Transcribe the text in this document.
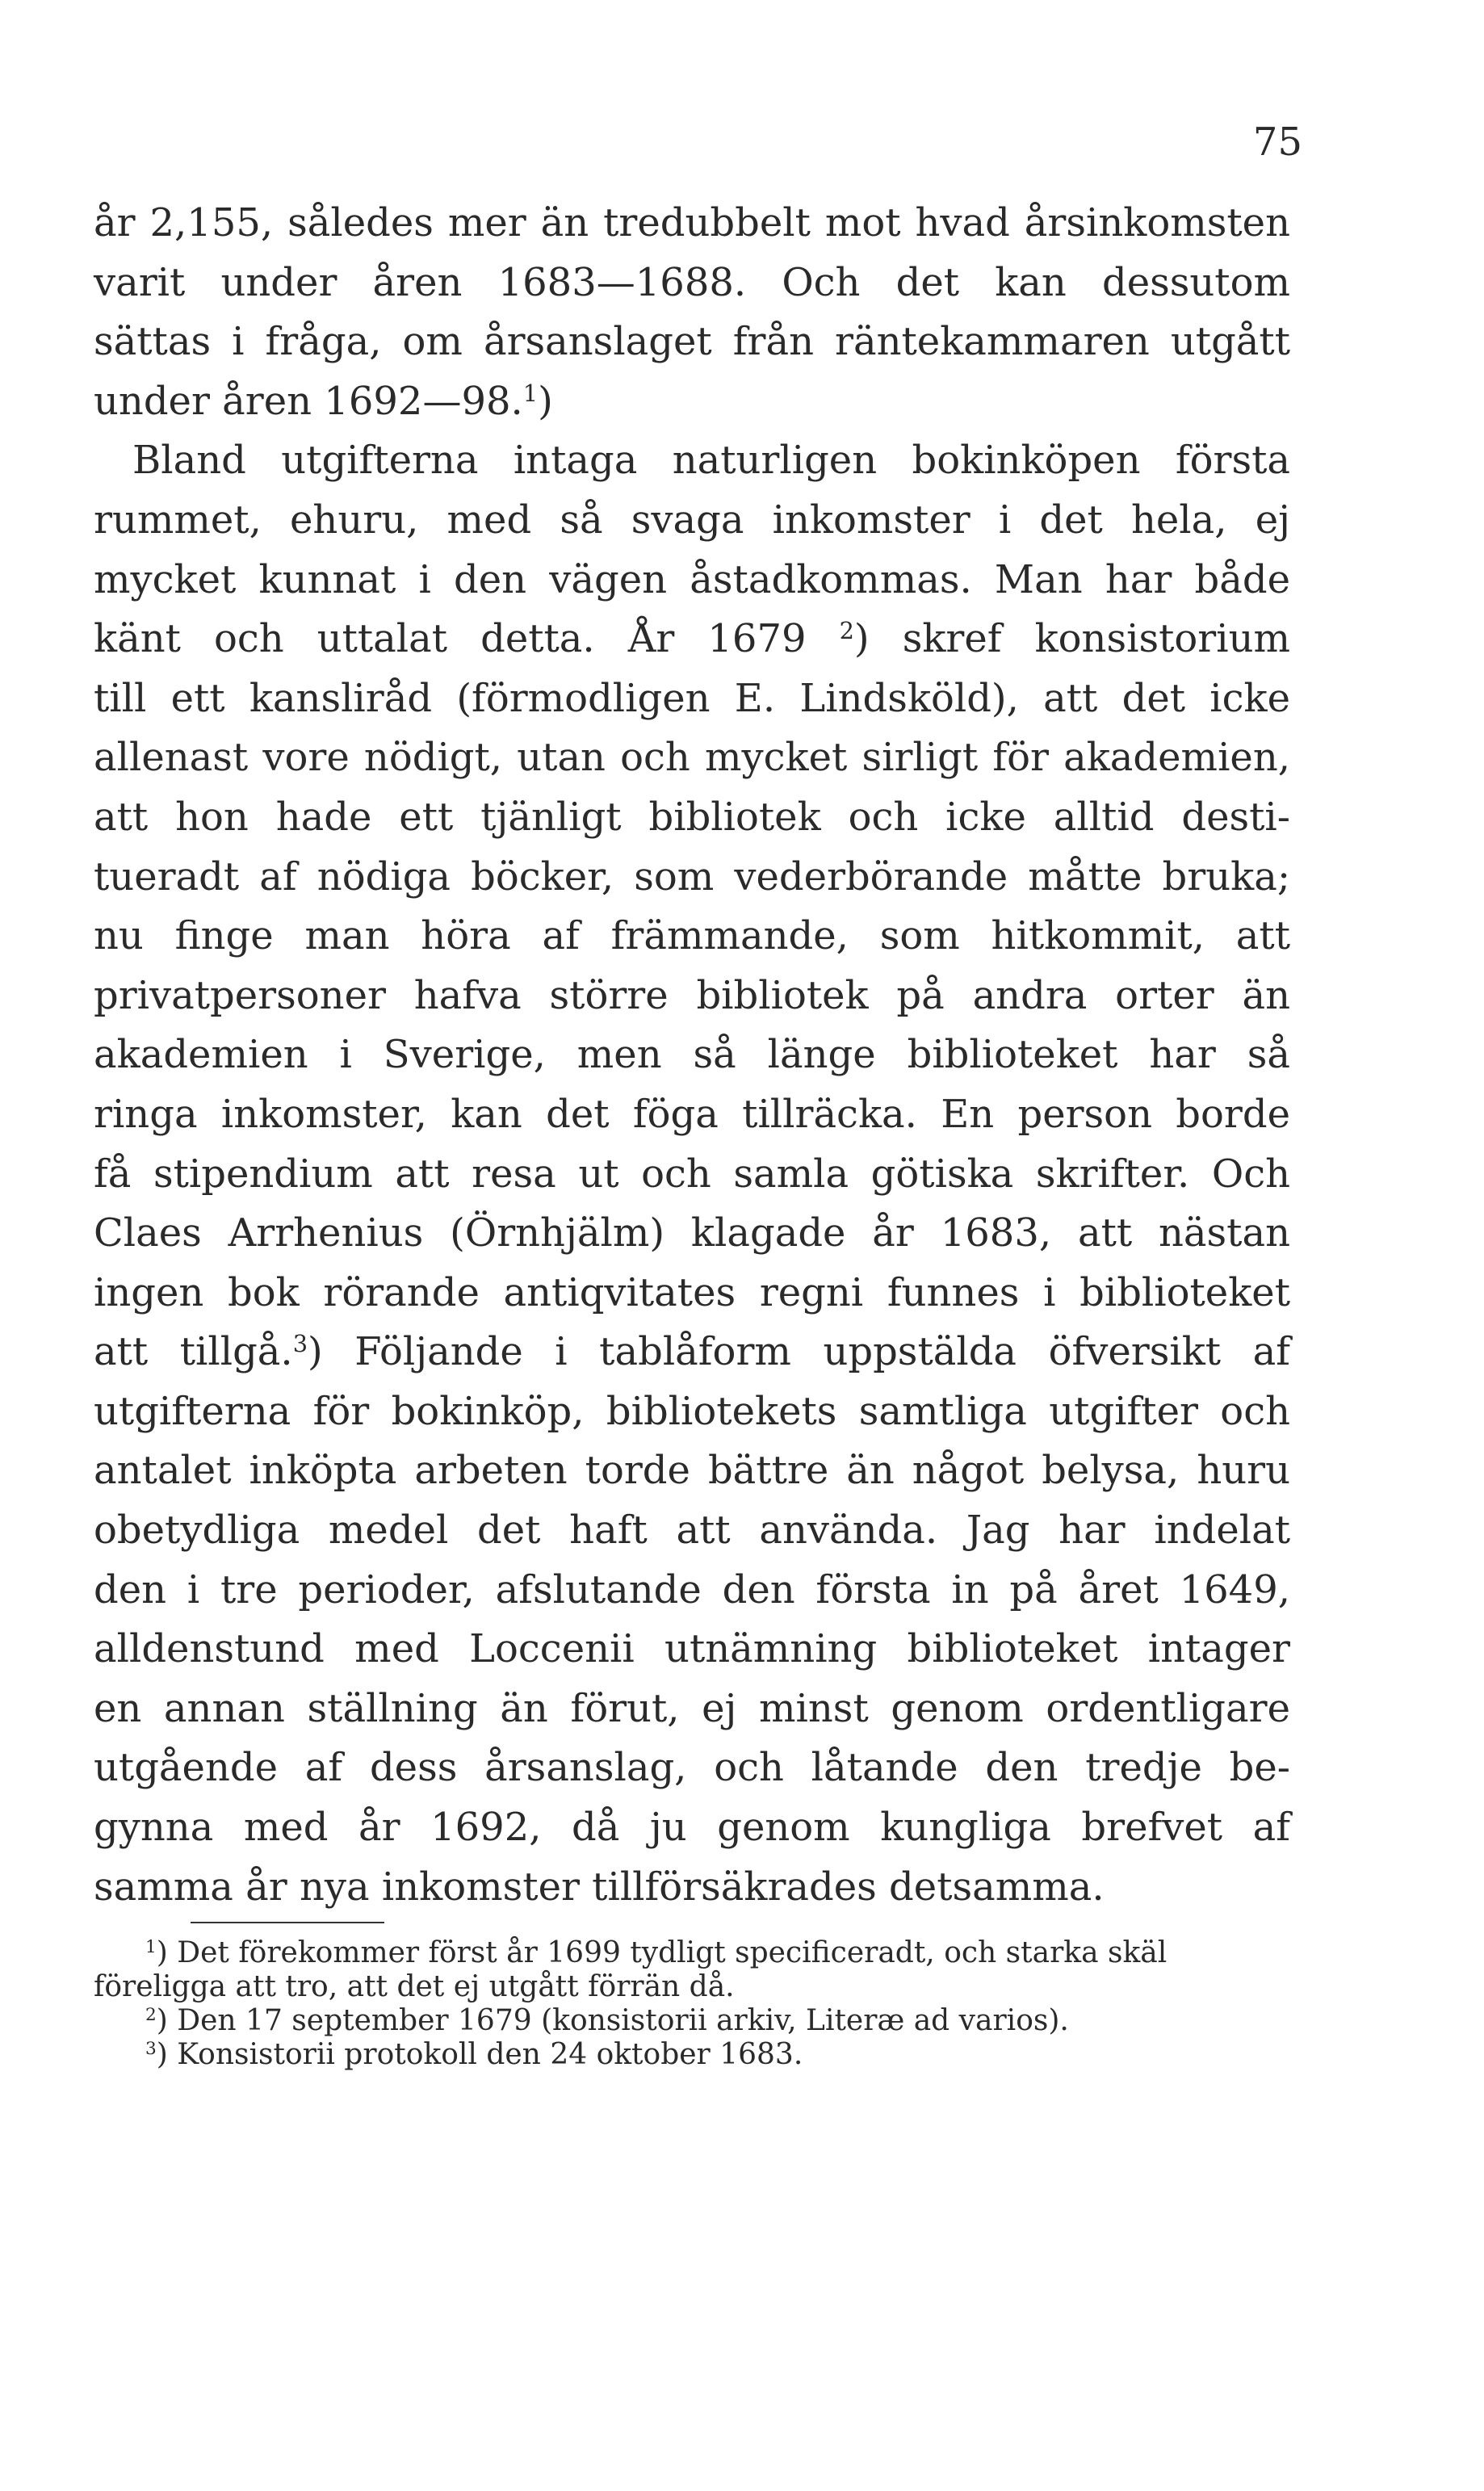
75
år 2,155, således mer än tredubbelt mot hvad årsinkomsten
varit under åren 1683—1688. Och det kan dessutom
sättas i fråga, om årsanslaget från räntekammaren utgått
under åren 1692—98.$^1$)
Bland utgifterna intaga naturligen bokinköpen första
rummet, ehuru, med så svaga inkomster i det hela, ej
mycket kunnat i den vägen åstadkommas. Man har både
känt och uttalat detta. År 1679 $^2$) skref konsistorium
till ett kansliråd (förmodligen E. Lindsköld), att det icke
allenast vore nödigt, utan och mycket sirligt för akademien,
att hon hade ett tjänligt bibliotek och icke alltid desti-
tueradt af nödiga böcker, som vederbörande måtte bruka;
nu finge man höra af främmande, som hitkommit, att
privatpersoner hafva större bibliotek på andra orter än
akademien i Sverige, men så länge biblioteket har så
ringa inkomster, kan det föga tillräcka. En person borde
få stipendium att resa ut och samla götiska skrifter. Och
Claes Arrhenius (Örnhjälm) klagade år 1683, att nästan
ingen bok rörande antiqvitates regni funnes i biblioteket
att tillgå.$^3$) Följande i tablåform uppstälda öfversikt af
utgifterna för bokinköp, bibliotekets samtliga utgifter och
antalet inköpta arbeten torde bättre än något belysa, huru
obetydliga medel det haft att använda. Jag har indelat
den i tre perioder, afslutande den första in på året 1649,
alldenstund med Loccenii utnämning biblioteket intager
en annan ställning än förut, ej minst genom ordentligare
utgående af dess årsanslag, och låtande den tredje be-
gynna med år 1692, då ju genom kungliga brefvet af
samma år nya inkomster tillförsäkrades detsamma.
$^1$) Det förekommer först år 1699 tydligt specificeradt, och starka skäl
föreligga att tro, att det ej utgått förrän då.
$^2$) Den 17 september 1679 (konsistorii arkiv, Literæ ad varios).
$^3$) Konsistorii protokoll den 24 oktober 1683.
